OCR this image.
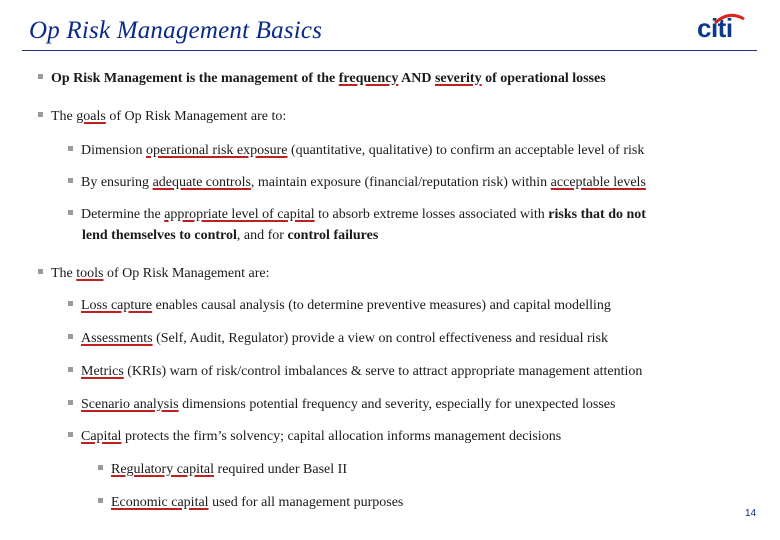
Op Risk Management Basics	citi
Op Risk Management is the management of the frequency AND severity of operational losses
The goals of Op Risk Management are to:
Dimension operational risk exposure (quantitative, qualitative) to confirm an acceptable level of risk
By ensuring adequate controls, maintain exposure (financial/reputation risk) within acceptable levels
Determine the appropriate level of capital to absorb extreme losses associated with risks that do not
lend themselves to control, and for control failures
The tools of Op Risk Management are:
Loss capture enables causal analysis (to determine preventive measures) and capital modelling
Assessments (Self, Audit, Regulator) provide a view on control effectiveness and residual risk
Metrics (KRIs) warn of risk/control imbalances & serve to attract appropriate management attention
Scenario analysis dimensions potential frequency and severity, especially for unexpected losses
Capital protects the firm’s solvency; capital allocation informs management decisions
Regulatory capital required under Basel II
Economic capital used for all management purposes
14
